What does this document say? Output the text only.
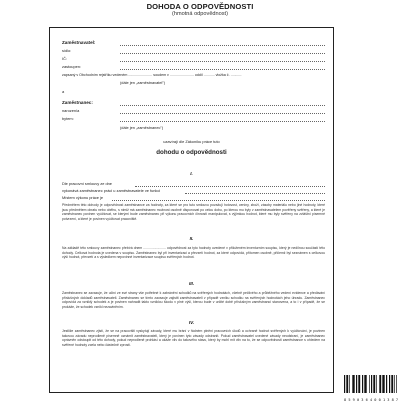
DOHODA O ODPOVĚDNOSTI
(hmotná odpovědnost)
Zaměstnavatel:
sídlo:
IČ:
zastoupen:
zapsaný v Obchodním rejstříku vedeném ........................ soudem v ........................ oddíl ........... vložka č. ...........
(dále jen „zaměstnavatel")
a
Zaměstnanec:
narozen/a
bytem:
(dále jen „zaměstnanec")
uzavírají dle Zákoníku práce tuto
dohodu o odpovědnosti
I.
Dle pracovní smlouvy ze dne
vykonává zaměstnanec práci u zaměstnavatele ve funkci
Místem výkonu práce je
Předmětem této dohody je odpovědnost zaměstnance za hodnoty, za které se pro tuto smlouvu považují hotovost, ceniny, zboží, zásoby materiálu nebo jiné hodnoty, které jsou předmětem obratu nebo oběhu, s nimiž má zaměstnanec možnost osobně disponovat po celou dobu, po kterou mu byly v zaměstnavatelem pověřeny svěřeny, a které je zaměstnanec povinen vyúčtovat, se kterými bude zaměstnanec při výkonu pracovních činností manipulovat, s výjimkou hodnot, které mu byly svěřeny na zvláštní písemné potvrzení, a které je povinen vyúčtovat pracoviště.
II.
Na základě této smlouvy zaměstnanec přebírá dnem ........................ odpovědnost za tyto hodnoty uvedené v přiloženém inventurním soupisu, který je nedílnou součástí této dohody. Celková hodnota je uvedena v soupisu. Zaměstnanec byl při inventarizaci a převzetí hodnot, za které odpovídá, přítomen osobně, přičemž byl seznámen s celkovou výší hodnot, převzetí a s výsledkem nepovinné inventarizace soupisu svěřených hodnot.
III.
Zaměstnanec se zavazuje, že učiní ze své strany vše potřebné k zabránění schodků na svěřených hodnotách, včetně pečlivého a průběžného vedení evidence a předávání příslušných dokladů zaměstnavateli. Zaměstnanec se tímto zavazuje zajistit zaměstnavateli v případě vzniku schodku na svěřených hodnotách jeho úhradu. Zaměstnanec odpovídá za vzniklý schodek a je povinen nahradit takto vzniklou škodu v plné výši, kterou bude v určité době příslušným zaměstnanci stanovena, a to i v případě, že se prokáže, že schodek vznikl nezaviněním.
IV.
Jestliže zaměstnanec zjistí, že se na pracovišti vyskytují závady, které mu brání v řádném plnění pracovních úkolů a ochraně hodnot svěřených k vyúčtování, je povinen takovou závadu neprodleně písemně oznámit zaměstnavateli, který je povinen tyto závady odstranit. Pokud zaměstnavatel uvedené závady neodstraní, je zaměstnanec oprávněn odstoupit od této dohody, pokud neprodleně prohlásí a ukáže vliv do takového stavu, který by mohl mít vliv na to, že se odpovědnosti zaměstnance s ohledem na svěřené hodnoty zcela nebo částečně zprostí.
8 5 9 0 3 6 4 0 0 1 3 8 7
